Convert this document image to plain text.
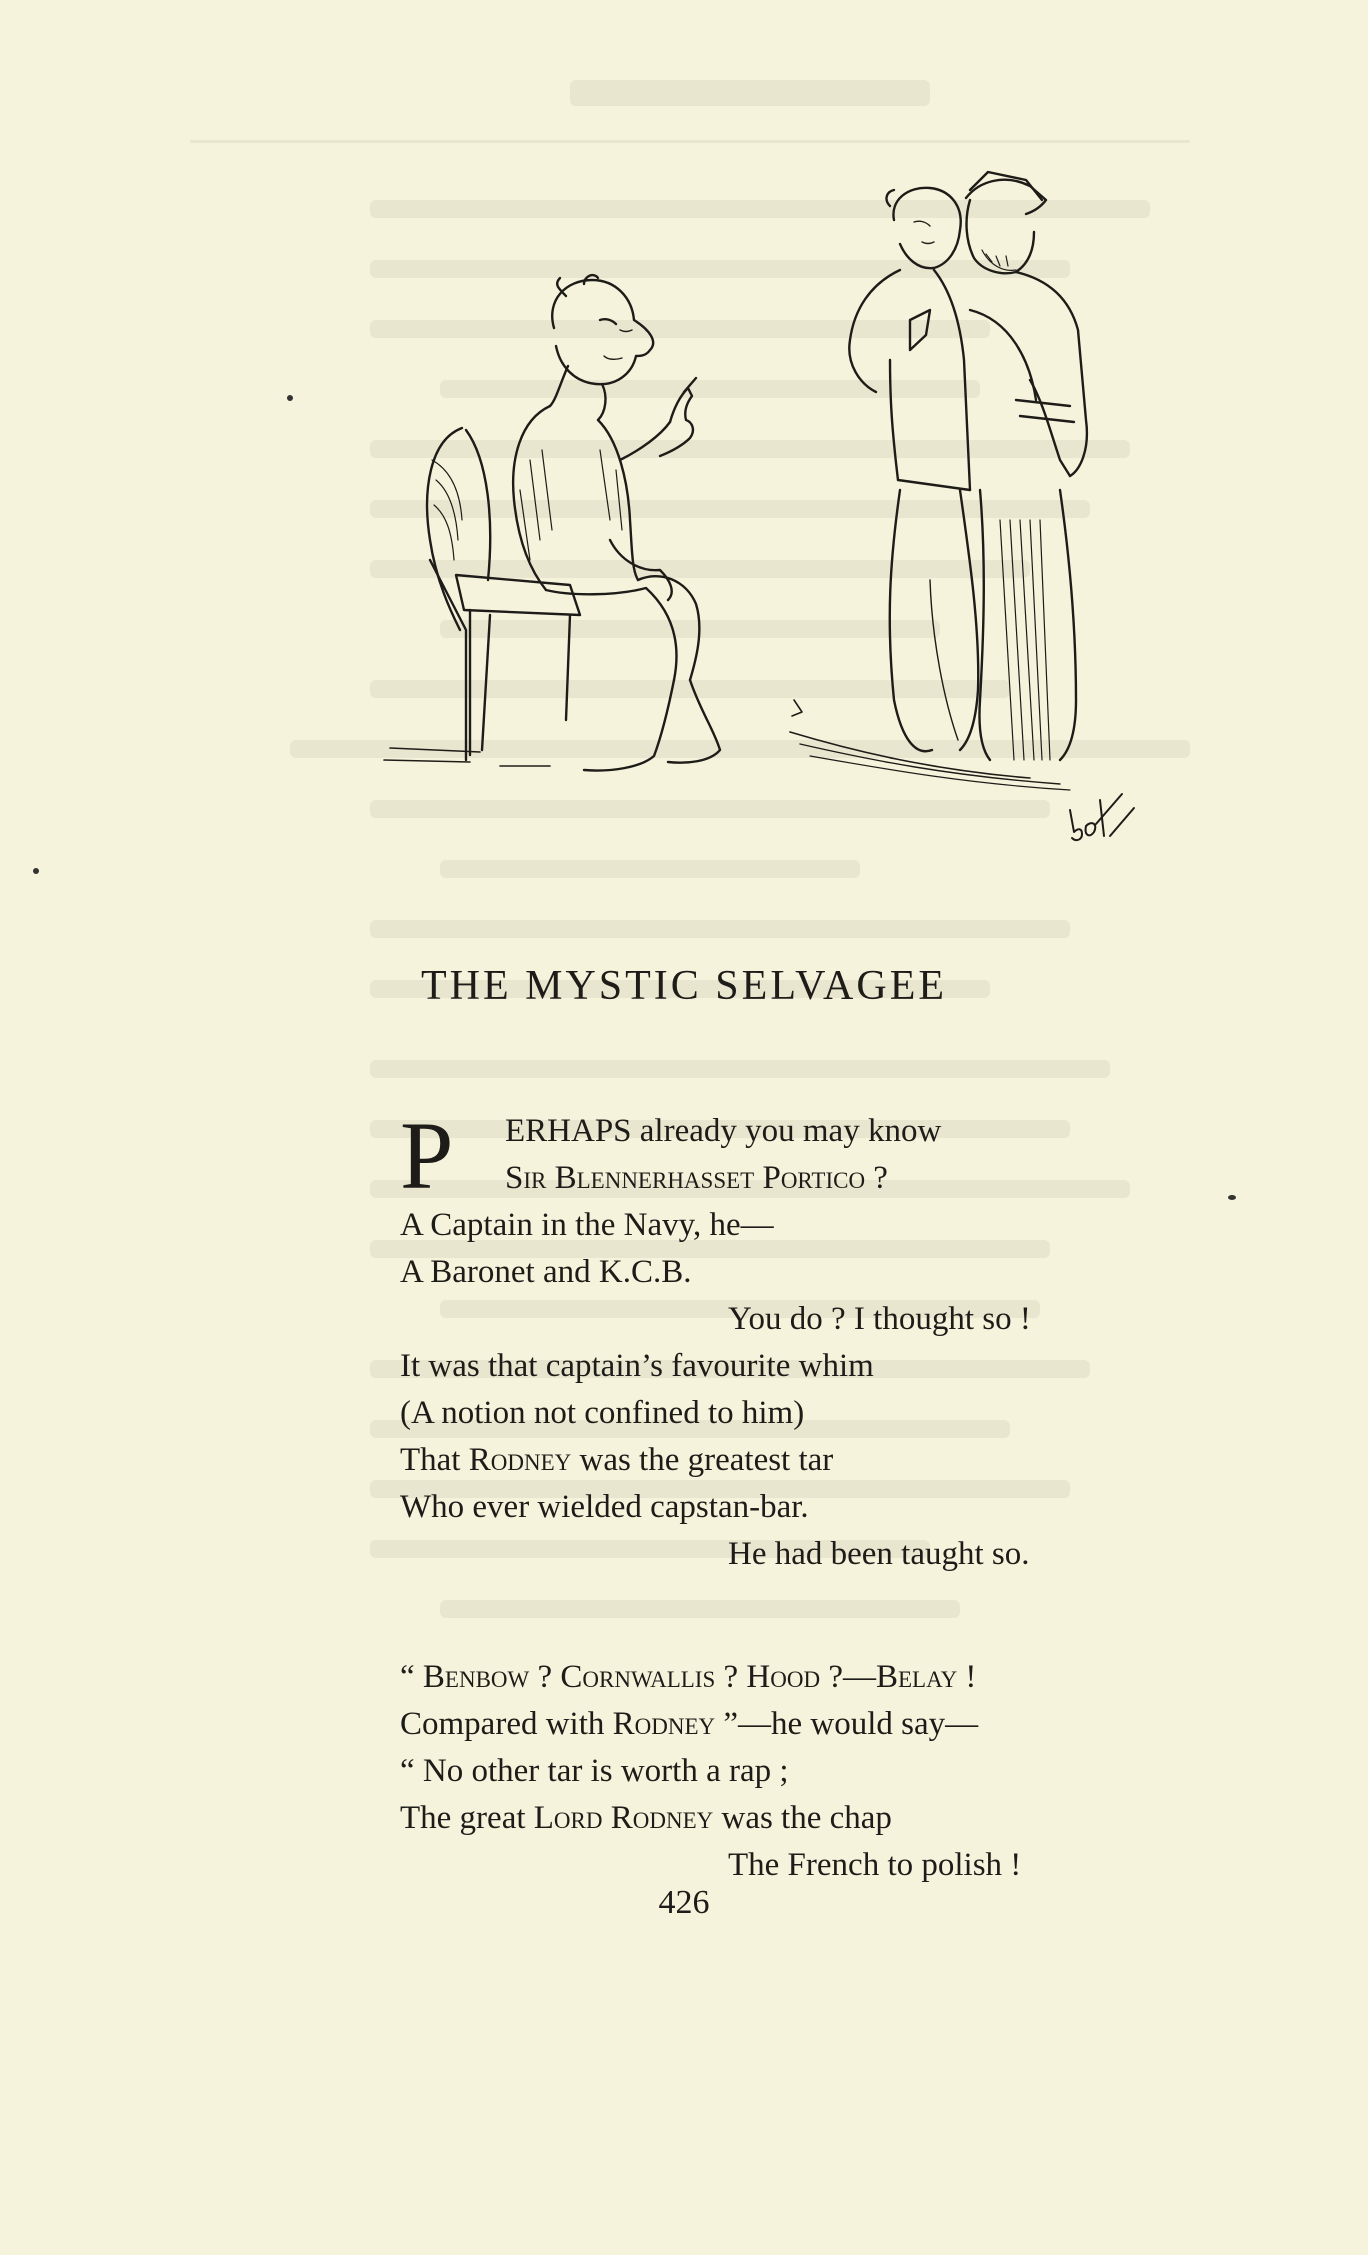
THE MYSTIC SELVAGEE
P	ERHAPS already you may know
Sir Blennerhasset Portico ?
A Captain in the Navy, he—
A Baronet and K.C.B.
You do ? I thought so !
It was that captain’s favourite whim
(A notion not confined to him)
That Rodney was the greatest tar
Who ever wielded capstan-bar.
He had been taught so.
“ Benbow ? Cornwallis ? Hood ?—Belay !
Compared with Rodney ”—he would say—
“ No other tar is worth a rap ;
The great Lord Rodney was the chap
The French to polish !
426
